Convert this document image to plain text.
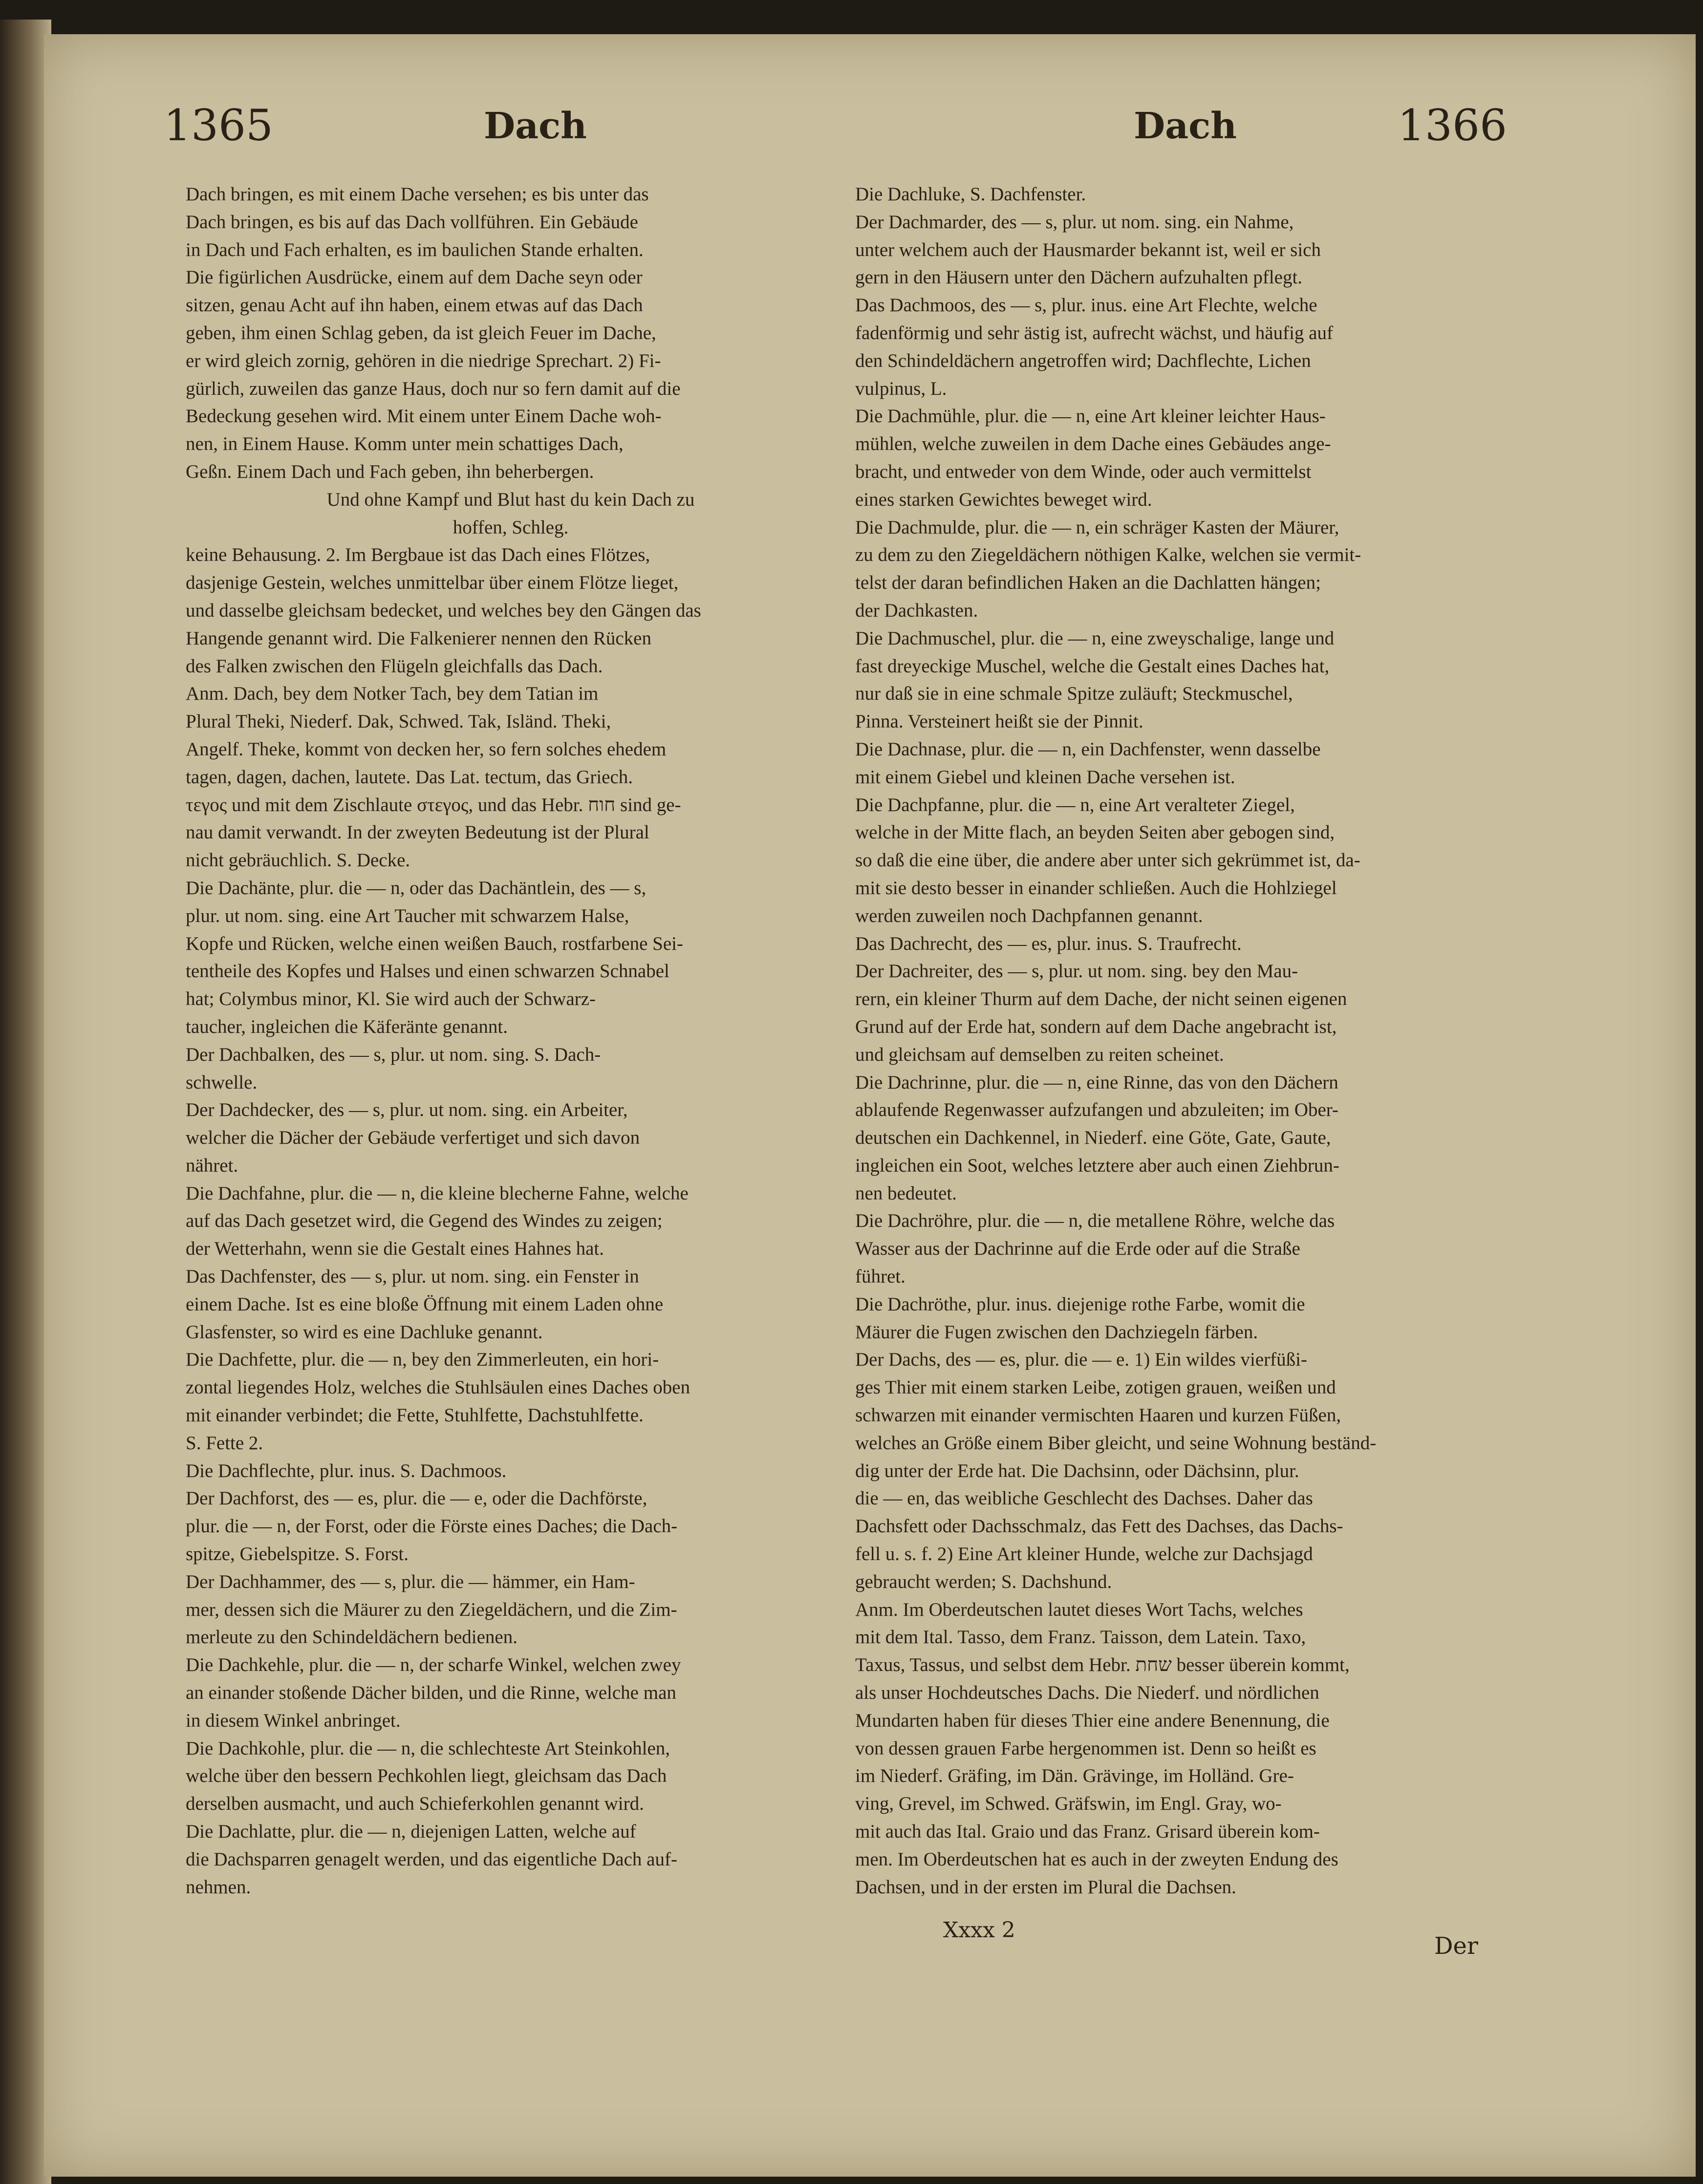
1365	Dach	Dach	1366

Dach bringen, es mit einem Dache versehen; es bis unter das

Dach bringen, es bis auf das Dach vollführen. Ein Gebäude

in Dach und Fach erhalten, es im baulichen Stande erhalten.

Die figürlichen Ausdrücke, einem auf dem Dache seyn oder

sitzen, genau Acht auf ihn haben, einem etwas auf das Dach

geben, ihm einen Schlag geben, da ist gleich Feuer im Dache,

er wird gleich zornig, gehören in die niedrige Sprechart. 2) Fi-

gürlich, zuweilen das ganze Haus, doch nur so fern damit auf die

Bedeckung gesehen wird. Mit einem unter Einem Dache woh-

nen, in Einem Hause. Komm unter mein schattiges Dach,

Geßn. Einem Dach und Fach geben, ihn beherbergen.

Und ohne Kampf und Blut hast du kein Dach zu

hoffen, Schleg.

keine Behausung. 2. Im Bergbaue ist das Dach eines Flötzes,

dasjenige Gestein, welches unmittelbar über einem Flötze lieget,

und dasselbe gleichsam bedecket, und welches bey den Gängen das

Hangende genannt wird. Die Falkenierer nennen den Rücken

des Falken zwischen den Flügeln gleichfalls das Dach.

Anm. Dach, bey dem Notker Tach, bey dem Tatian im

Plural Theki, Niederf. Dak, Schwed. Tak, Isländ. Theki,

Angelf. Theke, kommt von decken her, so fern solches ehedem

tagen, dagen, dachen, lautete. Das Lat. tectum, das Griech.

τεγος und mit dem Zischlaute στεγος, und das Hebr. חוח sind ge-

nau damit verwandt. In der zweyten Bedeutung ist der Plural

nicht gebräuchlich. S. Decke.

Die Dachänte, plur. die — n, oder das Dachäntlein, des — s,

plur. ut nom. sing. eine Art Taucher mit schwarzem Halse,

Kopfe und Rücken, welche einen weißen Bauch, rostfarbene Sei-

tentheile des Kopfes und Halses und einen schwarzen Schnabel

hat; Colymbus minor, Kl. Sie wird auch der Schwarz-

taucher, ingleichen die Käferänte genannt.

Der Dachbalken, des — s, plur. ut nom. sing. S. Dach-

schwelle.

Der Dachdecker, des — s, plur. ut nom. sing. ein Arbeiter,

welcher die Dächer der Gebäude verfertiget und sich davon

nähret.

Die Dachfahne, plur. die — n, die kleine blecherne Fahne, welche

auf das Dach gesetzet wird, die Gegend des Windes zu zeigen;

der Wetterhahn, wenn sie die Gestalt eines Hahnes hat.

Das Dachfenster, des — s, plur. ut nom. sing. ein Fenster in

einem Dache. Ist es eine bloße Öffnung mit einem Laden ohne

Glasfenster, so wird es eine Dachluke genannt.

Die Dachfette, plur. die — n, bey den Zimmerleuten, ein hori-

zontal liegendes Holz, welches die Stuhlsäulen eines Daches oben

mit einander verbindet; die Fette, Stuhlfette, Dachstuhlfette.

S. Fette 2.

Die Dachflechte, plur. inus. S. Dachmoos.

Der Dachforst, des — es, plur. die — e, oder die Dachförste,

plur. die — n, der Forst, oder die Förste eines Daches; die Dach-

spitze, Giebelspitze. S. Forst.

Der Dachhammer, des — s, plur. die — hämmer, ein Ham-

mer, dessen sich die Mäurer zu den Ziegeldächern, und die Zim-

merleute zu den Schindeldächern bedienen.

Die Dachkehle, plur. die — n, der scharfe Winkel, welchen zwey

an einander stoßende Dächer bilden, und die Rinne, welche man

in diesem Winkel anbringet.

Die Dachkohle, plur. die — n, die schlechteste Art Steinkohlen,

welche über den bessern Pechkohlen liegt, gleichsam das Dach

derselben ausmacht, und auch Schieferkohlen genannt wird.

Die Dachlatte, plur. die — n, diejenigen Latten, welche auf

die Dachsparren genagelt werden, und das eigentliche Dach auf-

nehmen.

Die Dachluke, S. Dachfenster.

Der Dachmarder, des — s, plur. ut nom. sing. ein Nahme,

unter welchem auch der Hausmarder bekannt ist, weil er sich

gern in den Häusern unter den Dächern aufzuhalten pflegt.

Das Dachmoos, des — s, plur. inus. eine Art Flechte, welche

fadenförmig und sehr ästig ist, aufrecht wächst, und häufig auf

den Schindeldächern angetroffen wird; Dachflechte, Lichen

vulpinus, L.

Die Dachmühle, plur. die — n, eine Art kleiner leichter Haus-

mühlen, welche zuweilen in dem Dache eines Gebäudes ange-

bracht, und entweder von dem Winde, oder auch vermittelst

eines starken Gewichtes beweget wird.

Die Dachmulde, plur. die — n, ein schräger Kasten der Mäurer,

zu dem zu den Ziegeldächern nöthigen Kalke, welchen sie vermit-

telst der daran befindlichen Haken an die Dachlatten hängen;

der Dachkasten.

Die Dachmuschel, plur. die — n, eine zweyschalige, lange und

fast dreyeckige Muschel, welche die Gestalt eines Daches hat,

nur daß sie in eine schmale Spitze zuläuft; Steckmuschel,

Pinna. Versteinert heißt sie der Pinnit.

Die Dachnase, plur. die — n, ein Dachfenster, wenn dasselbe

mit einem Giebel und kleinen Dache versehen ist.

Die Dachpfanne, plur. die — n, eine Art veralteter Ziegel,

welche in der Mitte flach, an beyden Seiten aber gebogen sind,

so daß die eine über, die andere aber unter sich gekrümmet ist, da-

mit sie desto besser in einander schließen. Auch die Hohlziegel

werden zuweilen noch Dachpfannen genannt.

Das Dachrecht, des — es, plur. inus. S. Traufrecht.

Der Dachreiter, des — s, plur. ut nom. sing. bey den Mau-

rern, ein kleiner Thurm auf dem Dache, der nicht seinen eigenen

Grund auf der Erde hat, sondern auf dem Dache angebracht ist,

und gleichsam auf demselben zu reiten scheinet.

Die Dachrinne, plur. die — n, eine Rinne, das von den Dächern

ablaufende Regenwasser aufzufangen und abzuleiten; im Ober-

deutschen ein Dachkennel, in Niederf. eine Göte, Gate, Gaute,

ingleichen ein Soot, welches letztere aber auch einen Ziehbrun-

nen bedeutet.

Die Dachröhre, plur. die — n, die metallene Röhre, welche das

Wasser aus der Dachrinne auf die Erde oder auf die Straße

führet.

Die Dachröthe, plur. inus. diejenige rothe Farbe, womit die

Mäurer die Fugen zwischen den Dachziegeln färben.

Der Dachs, des — es, plur. die — e. 1) Ein wildes vierfüßi-

ges Thier mit einem starken Leibe, zotigen grauen, weißen und

schwarzen mit einander vermischten Haaren und kurzen Füßen,

welches an Größe einem Biber gleicht, und seine Wohnung beständ-

dig unter der Erde hat. Die Dachsinn, oder Dächsinn, plur.

die — en, das weibliche Geschlecht des Dachses. Daher das

Dachsfett oder Dachsschmalz, das Fett des Dachses, das Dachs-

fell u. s. f. 2) Eine Art kleiner Hunde, welche zur Dachsjagd

gebraucht werden; S. Dachshund.

Anm. Im Oberdeutschen lautet dieses Wort Tachs, welches

mit dem Ital. Tasso, dem Franz. Taisson, dem Latein. Taxo,

Taxus, Tassus, und selbst dem Hebr. שחת besser überein kommt,

als unser Hochdeutsches Dachs. Die Niederf. und nördlichen

Mundarten haben für dieses Thier eine andere Benennung, die

von dessen grauen Farbe hergenommen ist. Denn so heißt es

im Niederf. Gräfing, im Dän. Grävinge, im Holländ. Gre-

ving, Grevel, im Schwed. Gräfswin, im Engl. Gray, wo-

mit auch das Ital. Graio und das Franz. Grisard überein kom-

men. Im Oberdeutschen hat es auch in der zweyten Endung des

Dachsen, und in der ersten im Plural die Dachsen.

Xxxx 2
Der
